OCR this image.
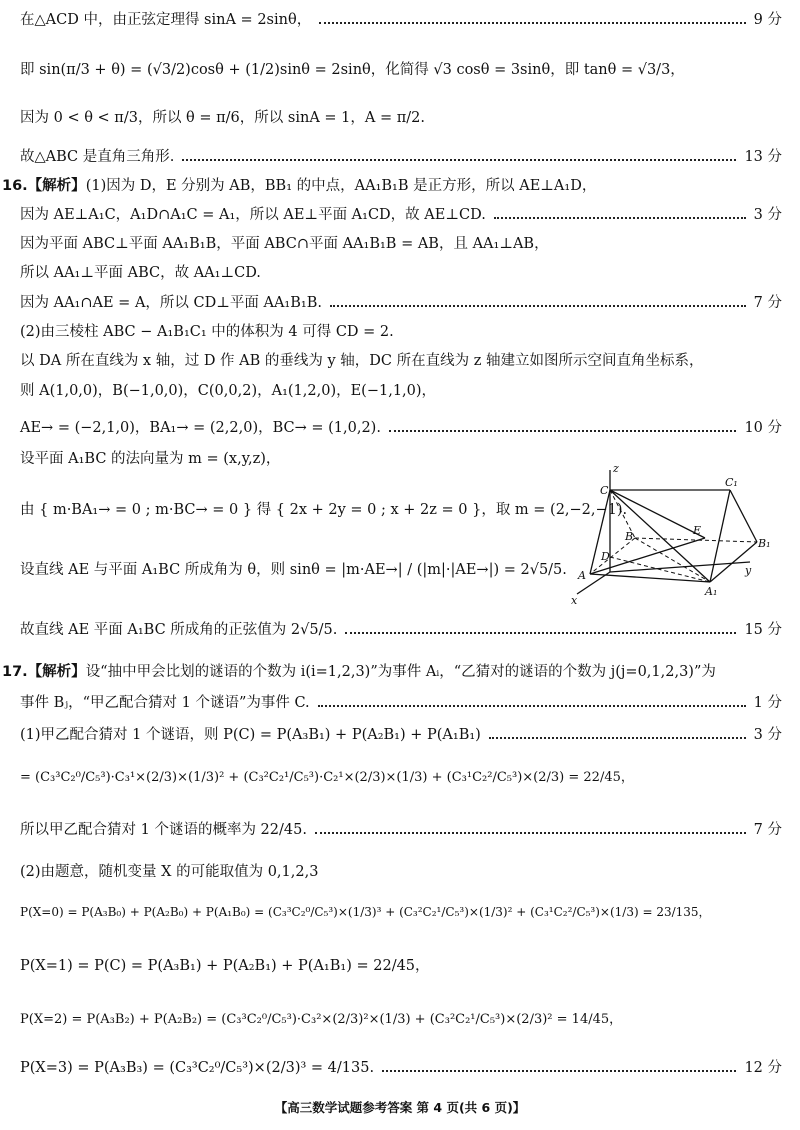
在△ACD 中，由正弦定理得 sinA = 2sinθ，	9 分
即 sin(π/3 + θ) = (√3/2)cosθ + (1/2)sinθ = 2sinθ，化简得 √3 cosθ = 3sinθ，即 tanθ = √3/3，
因为 0 < θ < π/3，所以 θ = π/6，所以 sinA = 1，A = π/2.
故△ABC 是直角三角形.	13 分
16.【解析】 (1)因为 D，E 分别为 AB，BB₁ 的中点，AA₁B₁B 是正方形，所以 AE⊥A₁D，
因为 AE⊥A₁C，A₁D∩A₁C = A₁，所以 AE⊥平面 A₁CD，故 AE⊥CD.	3 分
因为平面 ABC⊥平面 AA₁B₁B，平面 ABC∩平面 AA₁B₁B = AB，且 AA₁⊥AB，
所以 AA₁⊥平面 ABC，故 AA₁⊥CD.
因为 AA₁∩AE = A，所以 CD⊥平面 AA₁B₁B.	7 分
(2)由三棱柱 ABC − A₁B₁C₁ 中的体积为 4 可得 CD = 2.
以 DA 所在直线为 x 轴，过 D 作 AB 的垂线为 y 轴，DC 所在直线为 z 轴建立如图所示空间直角坐标系，
则 A(1,0,0)，B(−1,0,0)，C(0,0,2)，A₁(1,2,0)，E(−1,1,0)，
AE→ = (−2,1,0)，BA₁→ = (2,2,0)，BC→ = (1,0,2).	10 分
设平面 A₁BC 的法向量为 m = (x,y,z)，
由 { m·BA₁→ = 0 ; m·BC→ = 0 } 得 { 2x + 2y = 0 ; x + 2z = 0 }，取 m = (2,−2,−1).
设直线 AE 与平面 A₁BC 所成角为 θ，则 sinθ = |m·AE→| / (|m|·|AE→|) = 2√5/5.
故直线 AE 平面 A₁BC 所成角的正弦值为 2√5/5.	15 分
17.【解析】 设“抽中甲会比划的谜语的个数为 i(i=1,2,3)”为事件 Aᵢ，“乙猜对的谜语的个数为 j(j=0,1,2,3)”为
事件 Bⱼ，“甲乙配合猜对 1 个谜语”为事件 C.	1 分
(1)甲乙配合猜对 1 个谜语，则 P(C) = P(A₃B₁) + P(A₂B₁) + P(A₁B₁)	3 分
= (C₃³C₂⁰/C₅³)·C₃¹×(2/3)×(1/3)² + (C₃²C₂¹/C₅³)·C₂¹×(2/3)×(1/3) + (C₃¹C₂²/C₅³)×(2/3) = 22/45，
所以甲乙配合猜对 1 个谜语的概率为 22/45.	7 分
(2)由题意，随机变量 X 的可能取值为 0,1,2,3
P(X=0) = P(A₃B₀) + P(A₂B₀) + P(A₁B₀) = (C₃³C₂⁰/C₅³)×(1/3)³ + (C₃²C₂¹/C₅³)×(1/3)² + (C₃¹C₂²/C₅³)×(1/3) = 23/135，
P(X=1) = P(C) = P(A₃B₁) + P(A₂B₁) + P(A₁B₁) = 22/45，
P(X=2) = P(A₃B₂) + P(A₂B₂) = (C₃³C₂⁰/C₅³)·C₃²×(2/3)²×(1/3) + (C₃²C₂¹/C₅³)×(2/3)² = 14/45，
P(X=3) = P(A₃B₃) = (C₃³C₂⁰/C₅³)×(2/3)³ = 4/135.	12 分
z
y
x
C
C₁
B
B₁
E
D
A
A₁
【高三数学试题参考答案 第 4 页(共 6 页)】
